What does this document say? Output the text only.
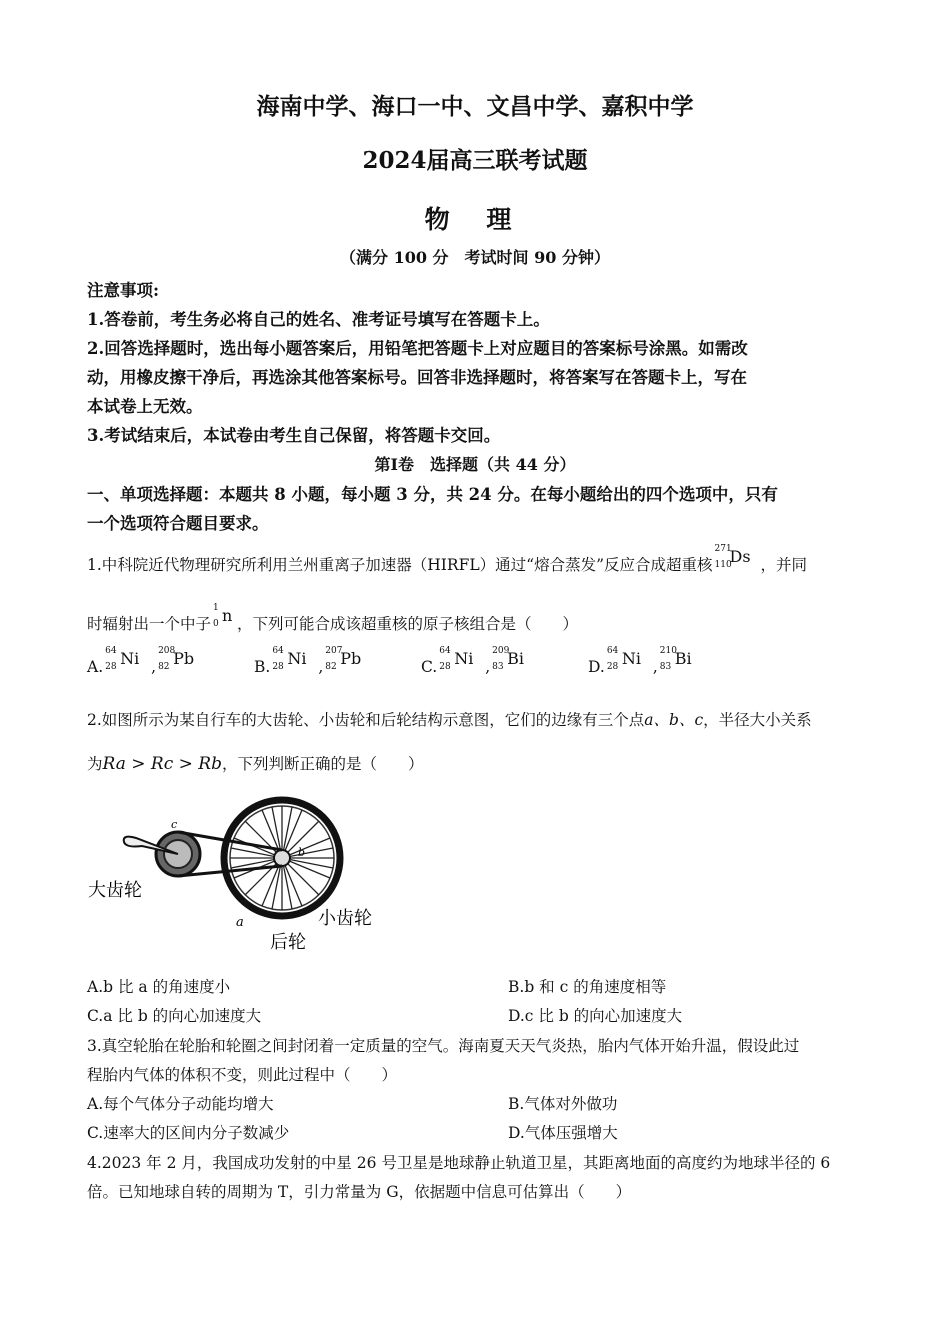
海南中学、海口一中、文昌中学、嘉积中学
2024届高三联考试题
物 理
（满分 100 分　考试时间 90 分钟）
注意事项:
1.答卷前，考生务必将自己的姓名、准考证号填写在答题卡上。
2.回答选择题时，选出每小题答案后，用铅笔把答题卡上对应题目的答案标号涂黑。如需改
动，用橡皮擦干净后，再选涂其他答案标号。回答非选择题时，将答案写在答题卡上，写在
本试卷上无效。
3.考试结束后，本试卷由考生自己保留，将答题卡交回。
第Ⅰ卷　选择题（共 44 分）
一、单项选择题：本题共 8 小题，每小题 3 分，共 24 分。在每小题给出的四个选项中，只有
一个选项符合题目要求。
1.中科院近代物理研究所利用兰州重离子加速器（HIRFL）通过“熔合蒸发”反应合成超重核
271
110
Ds ，并同
时辐射出一个中子
1
0 n ，下列可能合成该超重核的原子核组合是（　　）
A.
64
28 Ni ,
208
82 Pb	B.
64
28 Ni ,
207
82 Pb	C.
64
28 Ni ,
209
83 Bi	D.
64
28 Ni ,
210
83 Bi
2.如图所示为某自行车的大齿轮、小齿轮和后轮结构示意图，它们的边缘有三个点a、b、c，半径大小关系
为Ra > Rc > Rb，下列判断正确的是（　　）
c
b
a
大齿轮
小齿轮
后轮
A.b 比 a 的角速度小	B.b 和 c 的角速度相等
C.a 比 b 的向心加速度大	D.c 比 b 的向心加速度大
3.真空轮胎在轮胎和轮圈之间封闭着一定质量的空气。海南夏天天气炎热，胎内气体开始升温，假设此过
程胎内气体的体积不变，则此过程中（　　）
A.每个气体分子动能均增大	B.气体对外做功
C.速率大的区间内分子数减少	D.气体压强增大
4.2023 年 2 月，我国成功发射的中星 26 号卫星是地球静止轨道卫星，其距离地面的高度约为地球半径的 6
倍。已知地球自转的周期为 T，引力常量为 G，依据题中信息可估算出（　　）
